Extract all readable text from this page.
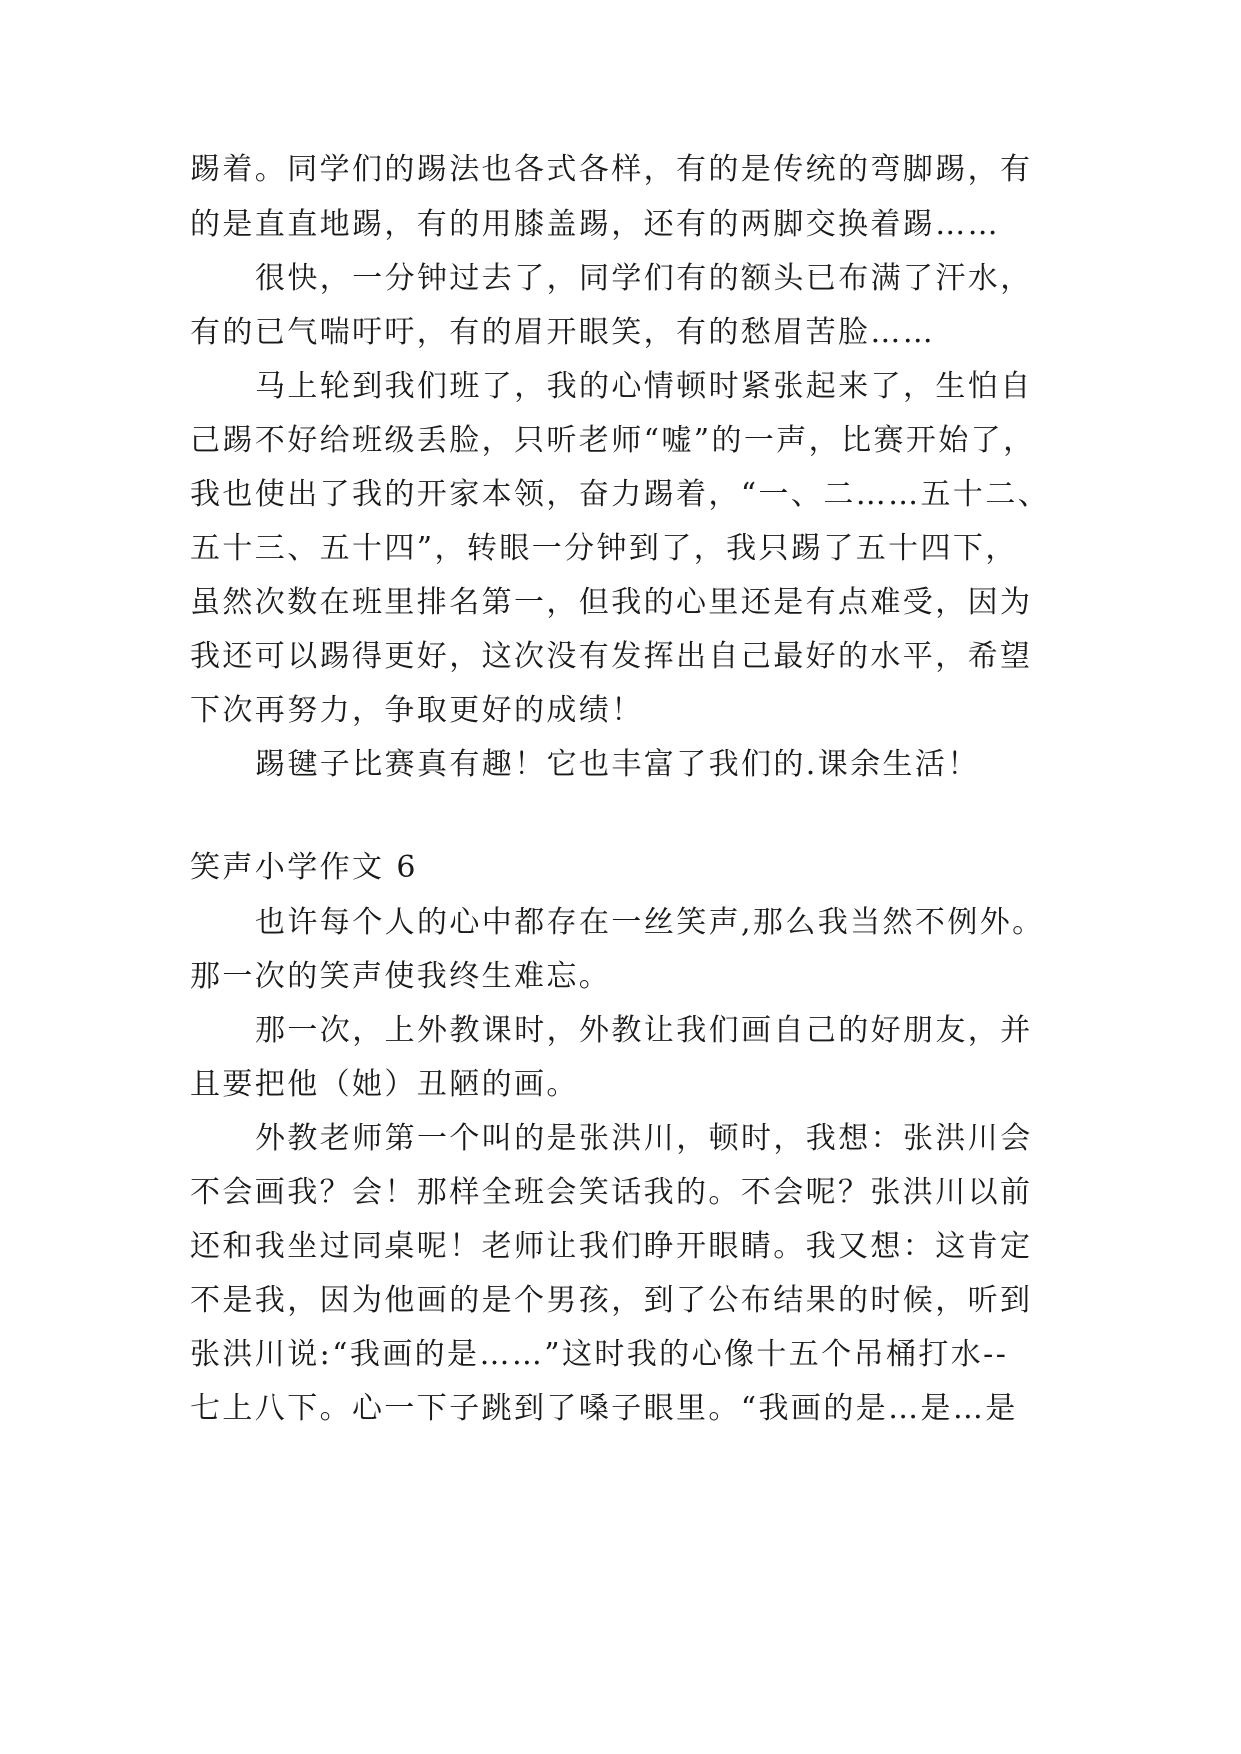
踢着。同学们的踢法也各式各样，有的是传统的弯脚踢，有
的是直直地踢，有的用膝盖踢，还有的两脚交换着踢……
很快，一分钟过去了，同学们有的额头已布满了汗水，
有的已气喘吁吁，有的眉开眼笑，有的愁眉苦脸……
马上轮到我们班了，我的心情顿时紧张起来了，生怕自
己踢不好给班级丢脸，只听老师“嘘”的一声，比赛开始了，
我也使出了我的开家本领，奋力踢着，“一、二……五十二、
五十三、五十四”，转眼一分钟到了，我只踢了五十四下，
虽然次数在班里排名第一，但我的心里还是有点难受，因为
我还可以踢得更好，这次没有发挥出自己最好的水平，希望
下次再努力，争取更好的成绩！
踢毽子比赛真有趣！它也丰富了我们的.课余生活！
笑声小学作文 6
也许每个人的心中都存在一丝笑声,那么我当然不例外。
那一次的笑声使我终生难忘。
那一次，上外教课时，外教让我们画自己的好朋友，并
且要把他（她）丑陋的画。
外教老师第一个叫的是张洪川，顿时，我想：张洪川会
不会画我？会！那样全班会笑话我的。不会呢？张洪川以前
还和我坐过同桌呢！老师让我们睁开眼睛。我又想：这肯定
不是我，因为他画的是个男孩，到了公布结果的时候，听到
张洪川说:“我画的是……”这时我的心像十五个吊桶打水--
七上八下。心一下子跳到了嗓子眼里。“我画的是…是…是
